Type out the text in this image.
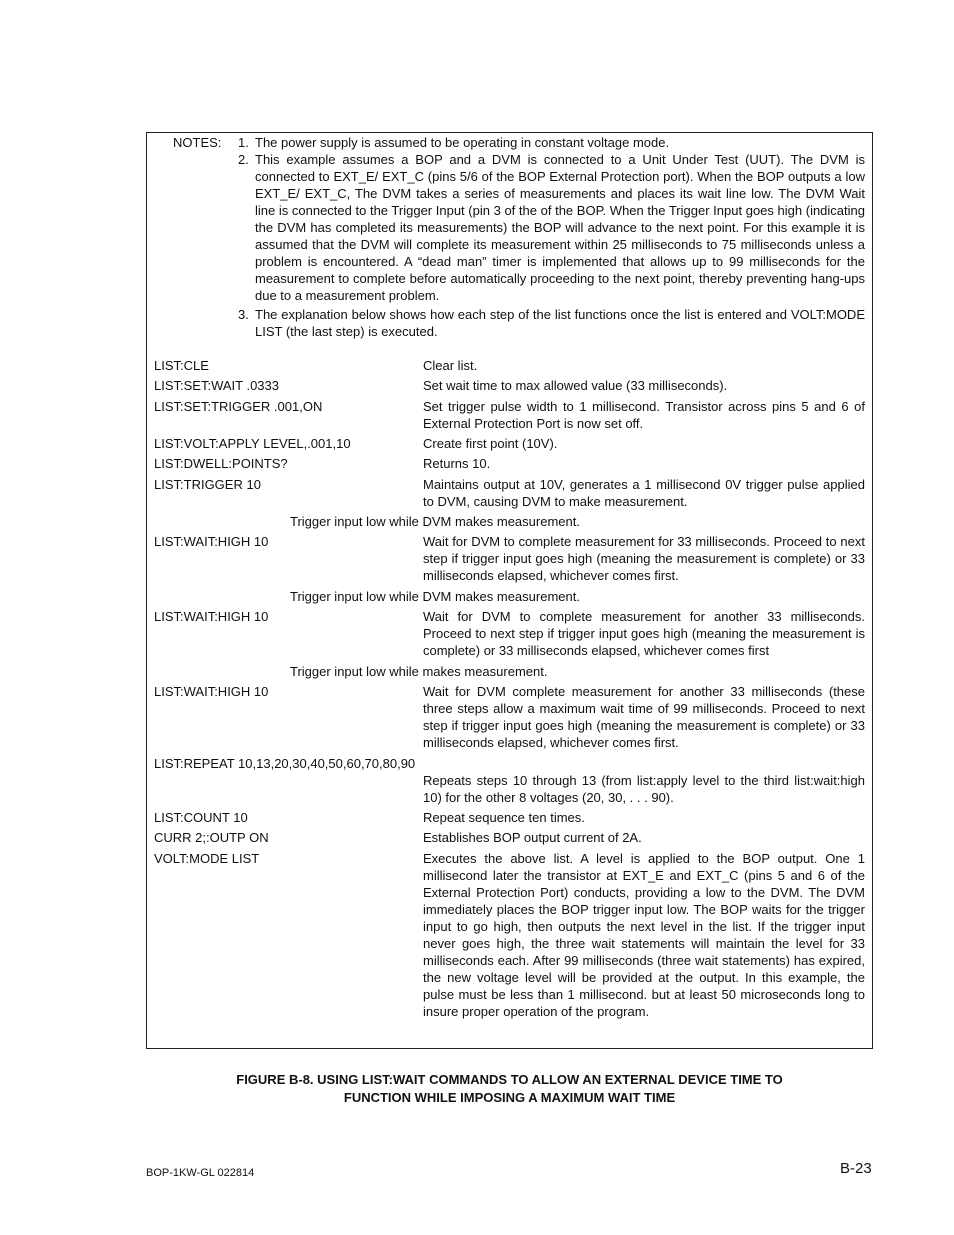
NOTES: 1. The power supply is assumed to be operating in constant voltage mode.
2. This example assumes a BOP and a DVM is connected to a Unit Under Test (UUT). The DVM is connected to EXT_E/ EXT_C (pins 5/6 of the BOP External Protection port). When the BOP outputs a low EXT_E/ EXT_C, The DVM takes a series of measurements and places its wait line low. The DVM Wait line is connected to the Trigger Input (pin 3 of the of the BOP. When the Trigger Input goes high (indicating the DVM has completed its measurements) the BOP will advance to the next point. For this example it is assumed that the DVM will complete its measurement within 25 milliseconds to 75 milliseconds unless a problem is encountered. A “dead man” timer is implemented that allows up to 99 milliseconds for the measurement to complete before automatically proceeding to the next point, thereby preventing hang-ups due to a measurement problem.
3. The explanation below shows how each step of the list functions once the list is entered and VOLT:MODE LIST (the last step) is executed.
LIST:CLE	Clear list.
LIST:SET:WAIT .0333	Set wait time to max allowed value (33 milliseconds).
LIST:SET:TRIGGER .001,ON	Set trigger pulse width to 1 millisecond. Transistor across pins 5 and 6 of External Protection Port is now set off.
LIST:VOLT:APPLY LEVEL,.001,10	Create first point (10V).
LIST:DWELL:POINTS?	Returns 10.
LIST:TRIGGER 10	Maintains output at 10V, generates a 1 millisecond 0V trigger pulse applied to DVM, causing DVM to make measurement.
Trigger input low while DVM makes measurement.
LIST:WAIT:HIGH 10	Wait for DVM to complete measurement for 33 milliseconds. Proceed to next step if trigger input goes high (meaning the measurement is complete) or 33 milliseconds elapsed, whichever comes first.
Trigger input low while DVM makes measurement.
LIST:WAIT:HIGH 10	Wait for DVM to complete measurement for another 33 milliseconds. Proceed to next step if trigger input goes high (meaning the measurement is complete) or 33 milliseconds elapsed, whichever comes first
Trigger input low while makes measurement.
LIST:WAIT:HIGH 10	Wait for DVM complete measurement for another 33 milliseconds (these three steps allow a maximum wait time of 99 milliseconds. Proceed to next step if trigger input goes high (meaning the measurement is complete) or 33 milliseconds elapsed, whichever comes first.
LIST:REPEAT 10,13,20,30,40,50,60,70,80,90
Repeats steps 10 through 13 (from list:apply level to the third list:wait:high 10) for the other 8 voltages (20, 30, . . . 90).
LIST:COUNT 10	Repeat sequence ten times.
CURR 2;:OUTP ON	Establishes BOP output current of 2A.
VOLT:MODE LIST	Executes the above list. A level is applied to the BOP output. One 1 millisecond later the transistor at EXT_E and EXT_C (pins 5 and 6 of the External Protection Port) conducts, providing a low to the DVM. The DVM immediately places the BOP trigger input low. The BOP waits for the trigger input to go high, then outputs the next level in the list. If the trigger input never goes high, the three wait statements will maintain the level for 33 milliseconds each. After 99 milliseconds (three wait statements) has expired, the new voltage level will be provided at the output. In this example, the pulse must be less than 1 millisecond. but at least 50 microseconds long to insure proper operation of the program.
FIGURE B-8. USING LIST:WAIT COMMANDS TO ALLOW AN EXTERNAL DEVICE TIME TO
FUNCTION WHILE IMPOSING A MAXIMUM WAIT TIME
BOP-1KW-GL 022814	B-23
